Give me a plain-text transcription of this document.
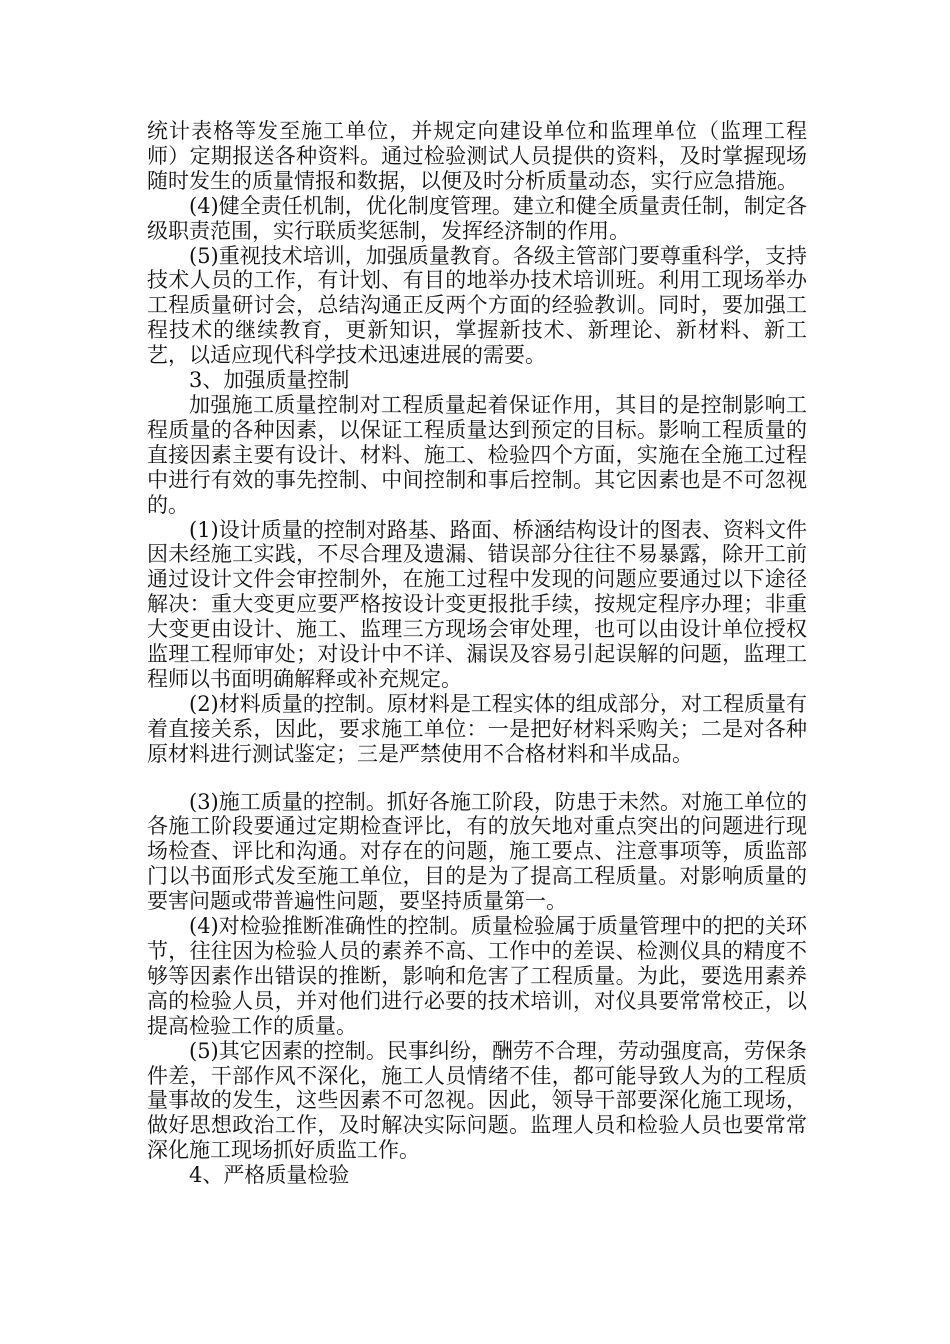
统计表格等发至施工单位，并规定向建设单位和监理单位（监理工程师）定期报送各种资料。通过检验测试人员提供的资料，及时掌握现场随时发生的质量情报和数据，以便及时分析质量动态，实行应急措施。

(4)健全责任机制，优化制度管理。建立和健全质量责任制，制定各级职责范围，实行联质奖惩制，发挥经济制的作用。

(5)重视技术培训，加强质量教育。各级主管部门要尊重科学，支持技术人员的工作，有计划、有目的地举办技术培训班。利用工现场举办工程质量研讨会，总结沟通正反两个方面的经验教训。同时，要加强工程技术的继续教育，更新知识，掌握新技术、新理论、新材料、新工艺，以适应现代科学技术迅速进展的需要。

3、加强质量控制

加强施工质量控制对工程质量起着保证作用，其目的是控制影响工程质量的各种因素，以保证工程质量达到预定的目标。影响工程质量的直接因素主要有设计、材料、施工、检验四个方面，实施在全施工过程中进行有效的事先控制、中间控制和事后控制。其它因素也是不可忽视的。

(1)设计质量的控制对路基、路面、桥涵结构设计的图表、资料文件因未经施工实践，不尽合理及遗漏、错误部分往往不易暴露，除开工前通过设计文件会审控制外，在施工过程中发现的问题应要通过以下途径解决：重大变更应要严格按设计变更报批手续，按规定程序办理；非重大变更由设计、施工、监理三方现场会审处理，也可以由设计单位授权监理工程师审处；对设计中不详、漏误及容易引起误解的问题，监理工程师以书面明确解释或补充规定。

(2)材料质量的控制。原材料是工程实体的组成部分，对工程质量有着直接关系，因此，要求施工单位：一是把好材料采购关；二是对各种原材料进行测试鉴定；三是严禁使用不合格材料和半成品。

(3)施工质量的控制。抓好各施工阶段，防患于未然。对施工单位的各施工阶段要通过定期检查评比，有的放矢地对重点突出的问题进行现场检查、评比和沟通。对存在的问题，施工要点、注意事项等，质监部门以书面形式发至施工单位，目的是为了提高工程质量。对影响质量的要害问题或带普遍性问题，要坚持质量第一。

(4)对检验推断准确性的控制。质量检验属于质量管理中的把的关环节，往往因为检验人员的素养不高、工作中的差误、检测仪具的精度不够等因素作出错误的推断，影响和危害了工程质量。为此，要选用素养高的检验人员，并对他们进行必要的技术培训，对仪具要常常校正，以提高检验工作的质量。

(5)其它因素的控制。民事纠纷，酬劳不合理，劳动强度高，劳保条件差，干部作风不深化，施工人员情绪不佳，都可能导致人为的工程质量事故的发生，这些因素不可忽视。因此，领导干部要深化施工现场，做好思想政治工作，及时解决实际问题。监理人员和检验人员也要常常深化施工现场抓好质监工作。

4、严格质量检验
